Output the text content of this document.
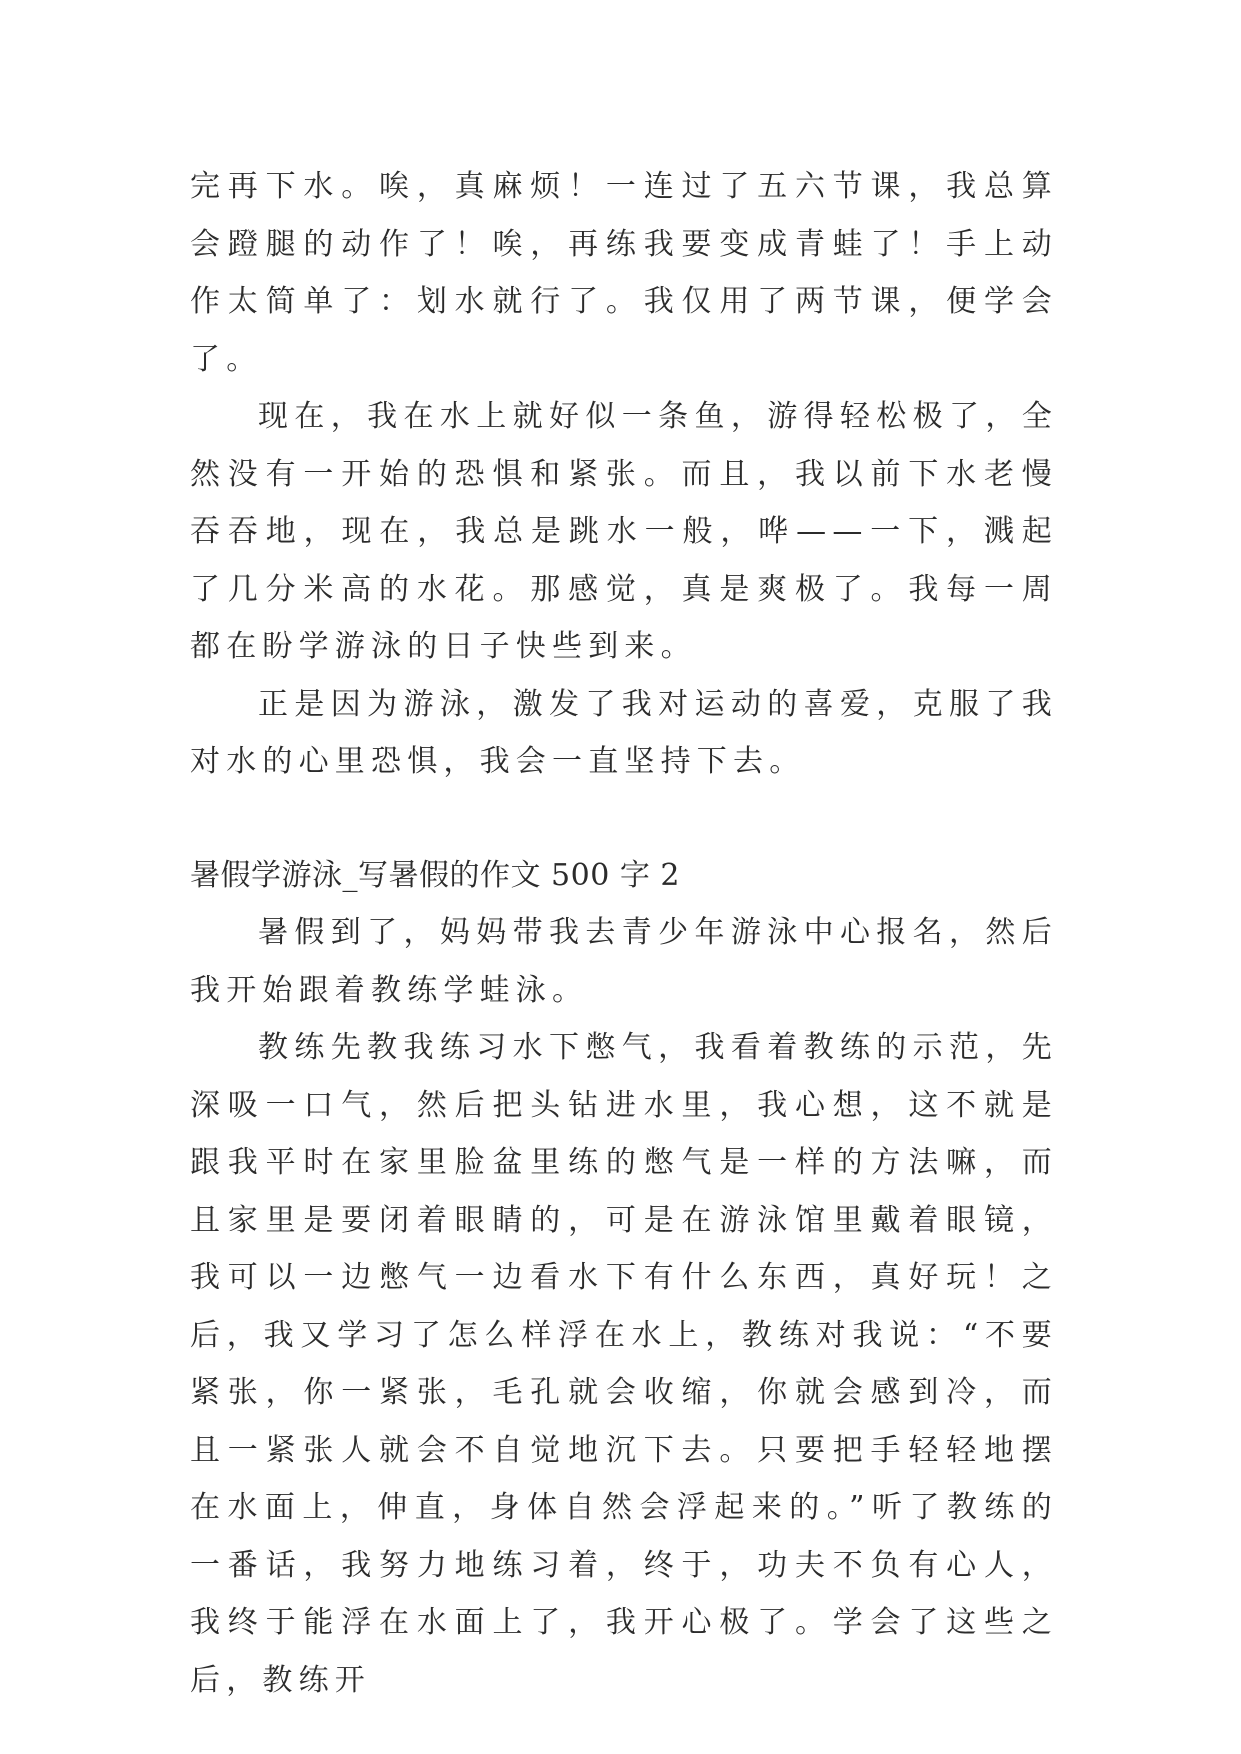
完再下水。唉，真麻烦！一连过了五六节课，我总算会蹬腿的动作了！唉，再练我要变成青蛙了！手上动作太简单了：划水就行了。我仅用了两节课，便学会了。

现在，我在水上就好似一条鱼，游得轻松极了，全然没有一开始的恐惧和紧张。而且，我以前下水老慢吞吞地，现在，我总是跳水一般，哗——一下，溅起了几分米高的水花。那感觉，真是爽极了。我每一周都在盼学游泳的日子快些到来。

正是因为游泳，激发了我对运动的喜爱，克服了我对水的心里恐惧，我会一直坚持下去。

暑假学游泳_写暑假的作文 500 字 2

暑假到了，妈妈带我去青少年游泳中心报名，然后我开始跟着教练学蛙泳。

教练先教我练习水下憋气，我看着教练的示范，先深吸一口气，然后把头钻进水里，我心想，这不就是跟我平时在家里脸盆里练的憋气是一样的方法嘛，而且家里是要闭着眼睛的，可是在游泳馆里戴着眼镜，我可以一边憋气一边看水下有什么东西，真好玩！之后，我又学习了怎么样浮在水上，教练对我说：“不要紧张，你一紧张，毛孔就会收缩，你就会感到冷，而且一紧张人就会不自觉地沉下去。只要把手轻轻地摆在水面上，伸直，身体自然会浮起来的。”听了教练的一番话，我努力地练习着，终于，功夫不负有心人，我终于能浮在水面上了，我开心极了。学会了这些之后，教练开
